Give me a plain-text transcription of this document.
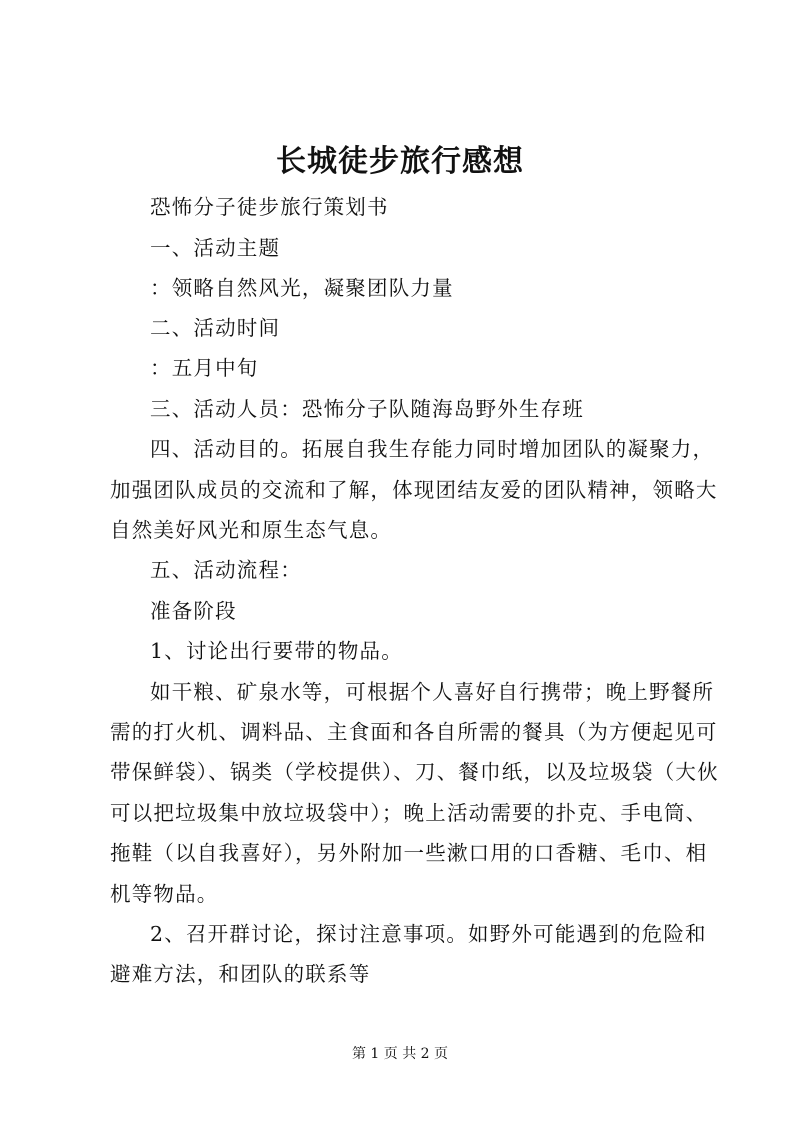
长城徒步旅行感想
恐怖分子徒步旅行策划书
一、活动主题
：领略自然风光，凝聚团队力量
二、活动时间
：五月中旬
三、活动人员：恐怖分子队随海岛野外生存班
四、活动目的。拓展自我生存能力同时增加团队的凝聚力，
加强团队成员的交流和了解，体现团结友爱的团队精神，领略大
自然美好风光和原生态气息。
五、活动流程：
准备阶段
1、讨论出行要带的物品。
如干粮、矿泉水等，可根据个人喜好自行携带；晚上野餐所
需的打火机、调料品、主食面和各自所需的餐具（为方便起见可
带保鲜袋）、锅类（学校提供）、刀、餐巾纸，以及垃圾袋（大伙
可以把垃圾集中放垃圾袋中）；晚上活动需要的扑克、手电筒、
拖鞋（以自我喜好），另外附加一些漱口用的口香糖、毛巾、相
机等物品。
2、召开群讨论，探讨注意事项。如野外可能遇到的危险和
避难方法，和团队的联系等
第 1 页 共 2 页
